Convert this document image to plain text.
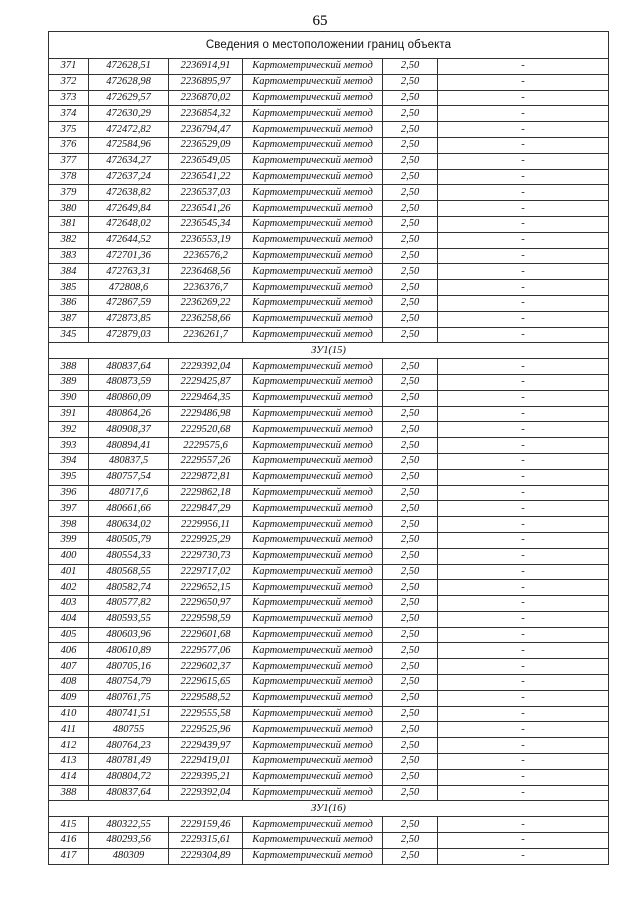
65
Сведения о местоположении границ объекта					
371	472628,51	2236914,91	Картометрический метод	2,50	-
372	472628,98	2236895,97	Картометрический метод	2,50	-
373	472629,57	2236870,02	Картометрический метод	2,50	-
374	472630,29	2236854,32	Картометрический метод	2,50	-
375	472472,82	2236794,47	Картометрический метод	2,50	-
376	472584,96	2236529,09	Картометрический метод	2,50	-
377	472634,27	2236549,05	Картометрический метод	2,50	-
378	472637,24	2236541,22	Картометрический метод	2,50	-
379	472638,82	2236537,03	Картометрический метод	2,50	-
380	472649,84	2236541,26	Картометрический метод	2,50	-
381	472648,02	2236545,34	Картометрический метод	2,50	-
382	472644,52	2236553,19	Картометрический метод	2,50	-
383	472701,36	2236576,2	Картометрический метод	2,50	-
384	472763,31	2236468,56	Картометрический метод	2,50	-
385	472808,6	2236376,7	Картометрический метод	2,50	-
386	472867,59	2236269,22	Картометрический метод	2,50	-
387	472873,85	2236258,66	Картометрический метод	2,50	-
345	472879,03	2236261,7	Картометрический метод	2,50	-
ЗУ1(15)					
388	480837,64	2229392,04	Картометрический метод	2,50	-
389	480873,59	2229425,87	Картометрический метод	2,50	-
390	480860,09	2229464,35	Картометрический метод	2,50	-
391	480864,26	2229486,98	Картометрический метод	2,50	-
392	480908,37	2229520,68	Картометрический метод	2,50	-
393	480894,41	2229575,6	Картометрический метод	2,50	-
394	480837,5	2229557,26	Картометрический метод	2,50	-
395	480757,54	2229872,81	Картометрический метод	2,50	-
396	480717,6	2229862,18	Картометрический метод	2,50	-
397	480661,66	2229847,29	Картометрический метод	2,50	-
398	480634,02	2229956,11	Картометрический метод	2,50	-
399	480505,79	2229925,29	Картометрический метод	2,50	-
400	480554,33	2229730,73	Картометрический метод	2,50	-
401	480568,55	2229717,02	Картометрический метод	2,50	-
402	480582,74	2229652,15	Картометрический метод	2,50	-
403	480577,82	2229650,97	Картометрический метод	2,50	-
404	480593,55	2229598,59	Картометрический метод	2,50	-
405	480603,96	2229601,68	Картометрический метод	2,50	-
406	480610,89	2229577,06	Картометрический метод	2,50	-
407	480705,16	2229602,37	Картометрический метод	2,50	-
408	480754,79	2229615,65	Картометрический метод	2,50	-
409	480761,75	2229588,52	Картометрический метод	2,50	-
410	480741,51	2229555,58	Картометрический метод	2,50	-
411	480755	2229525,96	Картометрический метод	2,50	-
412	480764,23	2229439,97	Картометрический метод	2,50	-
413	480781,49	2229419,01	Картометрический метод	2,50	-
414	480804,72	2229395,21	Картометрический метод	2,50	-
388	480837,64	2229392,04	Картометрический метод	2,50	-
ЗУ1(16)					
415	480322,55	2229159,46	Картометрический метод	2,50	-
416	480293,56	2229315,61	Картометрический метод	2,50	-
417	480309	2229304,89	Картометрический метод	2,50	-
